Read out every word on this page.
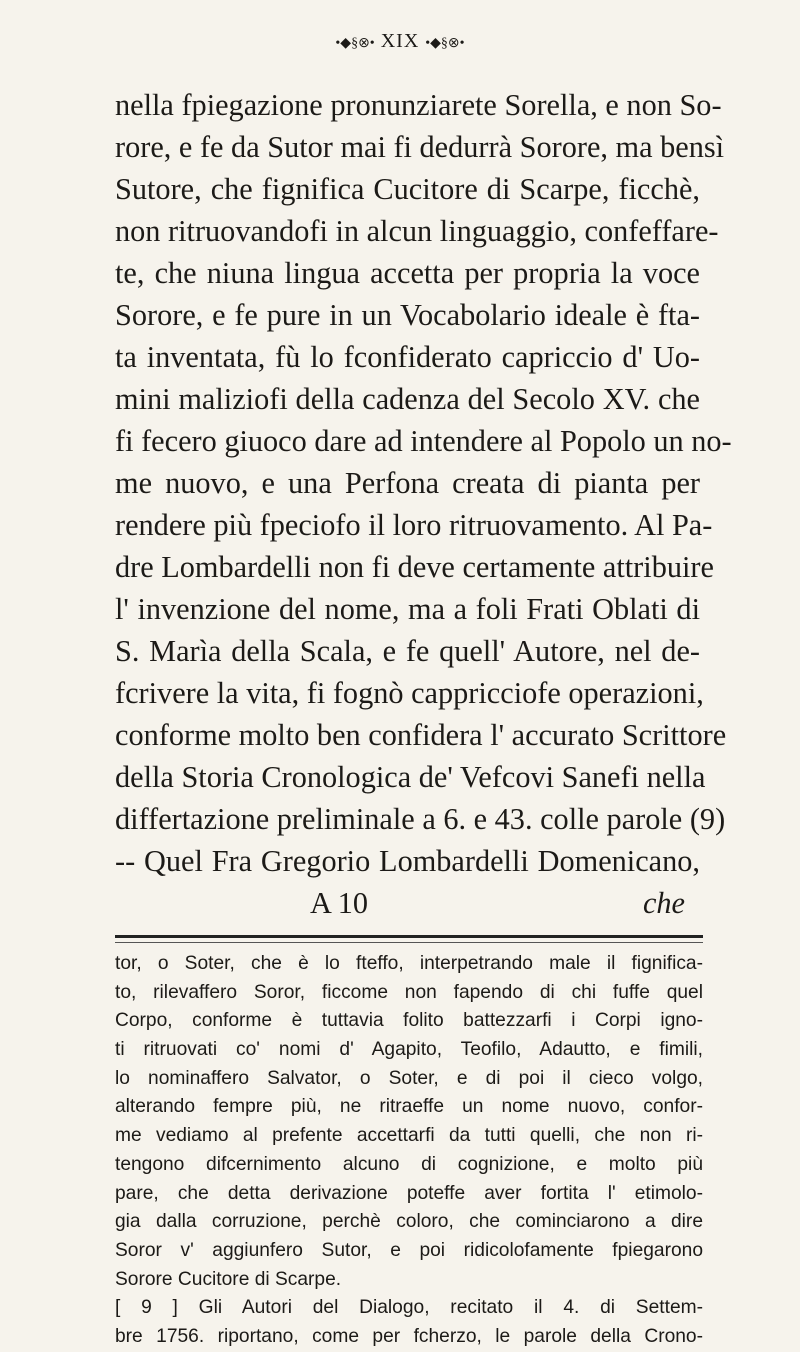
•◆§⊗• XIX •◆§⊗•
nella fpiegazione pronunziarete Sorella, e non So-
rore, e fe da Sutor mai fi dedurrà Sorore, ma bensì
Sutore, che fignifica Cucitore di Scarpe, ficchè,
non ritruovandofi in alcun linguaggio, confeffare-
te, che niuna lingua accetta per propria la voce
Sorore, e fe pure in un Vocabolario ideale è fta-
ta inventata, fù lo fconfiderato capriccio d' Uo-
mini maliziofi della cadenza del Secolo XV. che
fi fecero giuoco dare ad intendere al Popolo un no-
me nuovo, e una Perfona creata di pianta per
rendere più fpeciofo il loro ritruovamento. Al Pa-
dre Lombardelli non fi deve certamente attribuire
l' invenzione del nome, ma a foli Frati Oblati di
S. Marìa della Scala, e fe quell' Autore, nel de-
fcrivere la vita, fi fognò cappricciofe operazioni,
conforme molto ben confidera l' accurato Scrittore
della Storia Cronologica de' Vefcovi Sanefi nella
differtazione preliminale a 6. e 43. colle parole (9)
-- Quel Fra Gregorio Lombardelli Domenicano,
A 10	che
tor, o Soter, che è lo fteffo, interpetrando male il fignifica-
to, rilevaffero Soror, ficcome non fapendo di chi fuffe quel
Corpo, conforme è tuttavia folito battezzarfi i Corpi igno-
ti ritruovati co' nomi d' Agapito, Teofilo, Adautto, e fimili,
lo nominaffero Salvator, o Soter, e di poi il cieco volgo,
alterando fempre più, ne ritraeffe un nome nuovo, confor-
me vediamo al prefente accettarfi da tutti quelli, che non ri-
tengono difcernimento alcuno di cognizione, e molto più
pare, che detta derivazione poteffe aver fortita l' etimolo-
gia dalla corruzione, perchè coloro, che cominciarono a dire
Soror v' aggiunfero Sutor, e poi ridicolofamente fpiegarono
Sorore Cucitore di Scarpe.
[ 9 ] Gli Autori del Dialogo, recitato il 4. di Settem-
bre 1756. riportano, come per fcherzo, le parole della Crono-
